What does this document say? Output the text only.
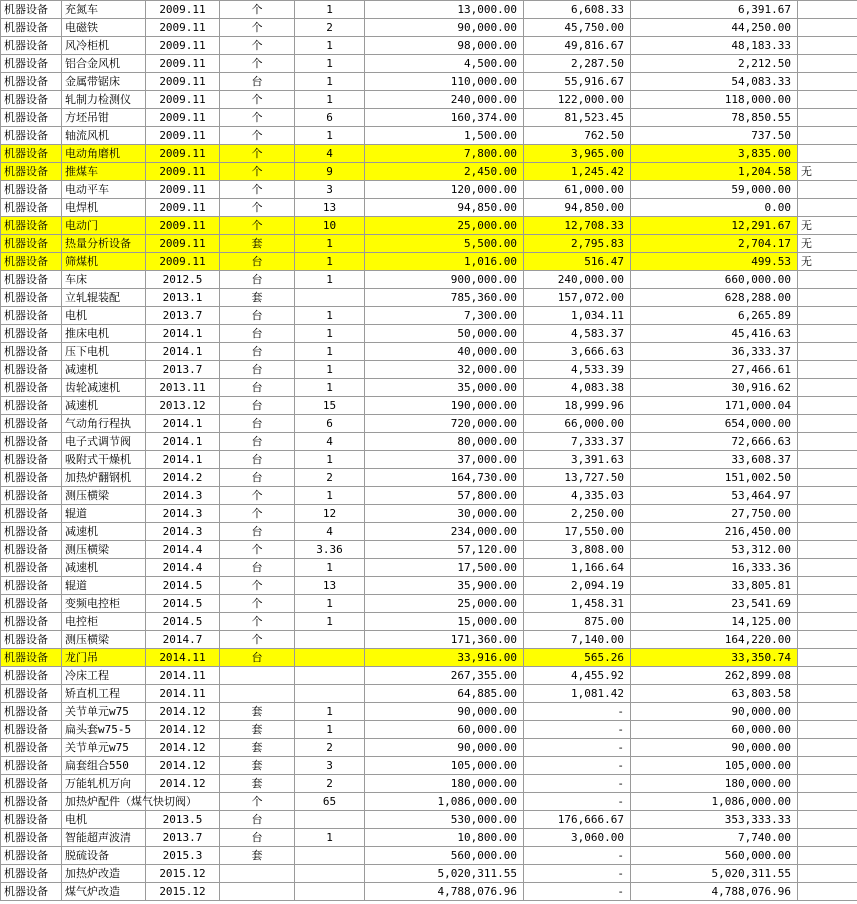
机器设备	充氮车	2009.11	个	1	13,000.00	6,608.33	6,391.67	
机器设备	电磁铁	2009.11	个	2	90,000.00	45,750.00	44,250.00	
机器设备	风冷柜机	2009.11	个	1	98,000.00	49,816.67	48,183.33	
机器设备	铝合金风机	2009.11	个	1	4,500.00	2,287.50	2,212.50	
机器设备	金属带锯床	2009.11	台	1	110,000.00	55,916.67	54,083.33	
机器设备	轧制力检测仪	2009.11	个	1	240,000.00	122,000.00	118,000.00	
机器设备	方坯吊钳	2009.11	个	6	160,374.00	81,523.45	78,850.55	
机器设备	轴流风机	2009.11	个	1	1,500.00	762.50	737.50	
机器设备	电动角磨机	2009.11	个	4	7,800.00	3,965.00	3,835.00	
机器设备	推煤车	2009.11	个	9	2,450.00	1,245.42	1,204.58	无
机器设备	电动平车	2009.11	个	3	120,000.00	61,000.00	59,000.00	
机器设备	电焊机	2009.11	个	13	94,850.00	94,850.00	0.00	
机器设备	电动门	2009.11	个	10	25,000.00	12,708.33	12,291.67	无
机器设备	热量分析设备	2009.11	套	1	5,500.00	2,795.83	2,704.17	无
机器设备	筛煤机	2009.11	台	1	1,016.00	516.47	499.53	无
机器设备	车床	2012.5	台	1	900,000.00	240,000.00	660,000.00	
机器设备	立轧辊装配	2013.1	套		785,360.00	157,072.00	628,288.00	
机器设备	电机	2013.7	台	1	7,300.00	1,034.11	6,265.89	
机器设备	推床电机	2014.1	台	1	50,000.00	4,583.37	45,416.63	
机器设备	压下电机	2014.1	台	1	40,000.00	3,666.63	36,333.37	
机器设备	减速机	2013.7	台	1	32,000.00	4,533.39	27,466.61	
机器设备	齿轮减速机	2013.11	台	1	35,000.00	4,083.38	30,916.62	
机器设备	减速机	2013.12	台	15	190,000.00	18,999.96	171,000.04	
机器设备	气动角行程执	2014.1	台	6	720,000.00	66,000.00	654,000.00	
机器设备	电子式调节阀	2014.1	台	4	80,000.00	7,333.37	72,666.63	
机器设备	吸附式干燥机	2014.1	台	1	37,000.00	3,391.63	33,608.37	
机器设备	加热炉翻钢机	2014.2	台	2	164,730.00	13,727.50	151,002.50	
机器设备	测压横梁	2014.3	个	1	57,800.00	4,335.03	53,464.97	
机器设备	辊道	2014.3	个	12	30,000.00	2,250.00	27,750.00	
机器设备	减速机	2014.3	台	4	234,000.00	17,550.00	216,450.00	
机器设备	测压横梁	2014.4	个	3.36	57,120.00	3,808.00	53,312.00	
机器设备	减速机	2014.4	台	1	17,500.00	1,166.64	16,333.36	
机器设备	辊道	2014.5	个	13	35,900.00	2,094.19	33,805.81	
机器设备	变频电控柜	2014.5	个	1	25,000.00	1,458.31	23,541.69	
机器设备	电控柜	2014.5	个	1	15,000.00	875.00	14,125.00	
机器设备	测压横梁	2014.7	个		171,360.00	7,140.00	164,220.00	
机器设备	龙门吊	2014.11	台		33,916.00	565.26	33,350.74	
机器设备	冷床工程	2014.11			267,355.00	4,455.92	262,899.08	
机器设备	矫直机工程	2014.11			64,885.00	1,081.42	63,803.58	
机器设备	关节单元w75	2014.12	套	1	90,000.00	-	90,000.00	
机器设备	扁头套w75-5	2014.12	套	1	60,000.00	-	60,000.00	
机器设备	关节单元w75	2014.12	套	2	90,000.00	-	90,000.00	
机器设备	扁套组合550	2014.12	套	3	105,000.00	-	105,000.00	
机器设备	万能轧机万向	2014.12	套	2	180,000.00	-	180,000.00	
机器设备	加热炉配件（煤气快切阀）		个	65	1,086,000.00	-	1,086,000.00	
机器设备	电机	2013.5	台		530,000.00	176,666.67	353,333.33	
机器设备	智能超声波清	2013.7	台	1	10,800.00	3,060.00	7,740.00	
机器设备	脱硫设备	2015.3	套		560,000.00	-	560,000.00	
机器设备	加热炉改造	2015.12			5,020,311.55	-	5,020,311.55	
机器设备	煤气炉改造	2015.12			4,788,076.96	-	4,788,076.96	
